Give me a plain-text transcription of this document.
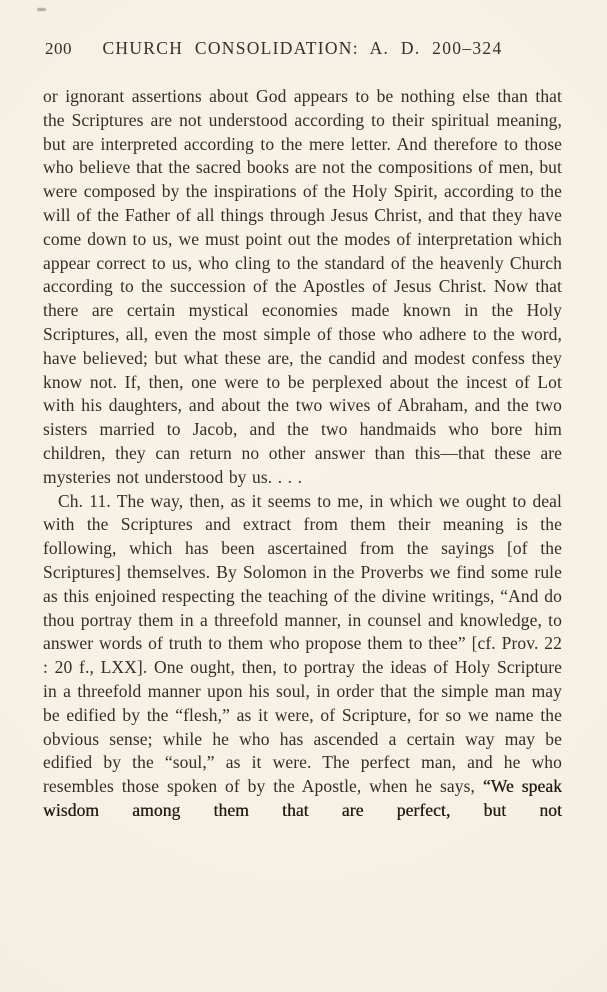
200 CHURCH CONSOLIDATION: A. D. 200–324

or ignorant assertions about God appears to be nothing else than that the Scriptures are not understood according to their spiritual meaning, but are interpreted according to the mere letter. And therefore to those who believe that the sacred books are not the compositions of men, but were composed by the inspirations of the Holy Spirit, according to the will of the Father of all things through Jesus Christ, and that they have come down to us, we must point out the modes of interpretation which appear correct to us, who cling to the standard of the heavenly Church according to the succession of the Apostles of Jesus Christ. Now that there are certain mystical economies made known in the Holy Scriptures, all, even the most simple of those who adhere to the word, have believed; but what these are, the candid and modest confess they know not. If, then, one were to be perplexed about the incest of Lot with his daughters, and about the two wives of Abraham, and the two sisters married to Jacob, and the two handmaids who bore him children, they can return no other answer than this—that these are mysteries not understood by us. . . .

Ch. 11. The way, then, as it seems to me, in which we ought to deal with the Scriptures and extract from them their meaning is the following, which has been ascertained from the sayings [of the Scriptures] themselves. By Solomon in the Proverbs we find some rule as this enjoined respecting the teaching of the divine writings, “And do thou portray them in a threefold manner, in counsel and knowledge, to answer words of truth to them who propose them to thee” [cf. Prov. 22 : 20 f., LXX]. One ought, then, to portray the ideas of Holy Scripture in a threefold manner upon his soul, in order that the simple man may be edified by the “flesh,” as it were, of Scripture, for so we name the obvious sense; while he who has ascended a certain way may be edified by the “soul,” as it were. The perfect man, and he who resembles those spoken of by the Apostle, when he says, “We speak wisdom among them that are perfect, but not
